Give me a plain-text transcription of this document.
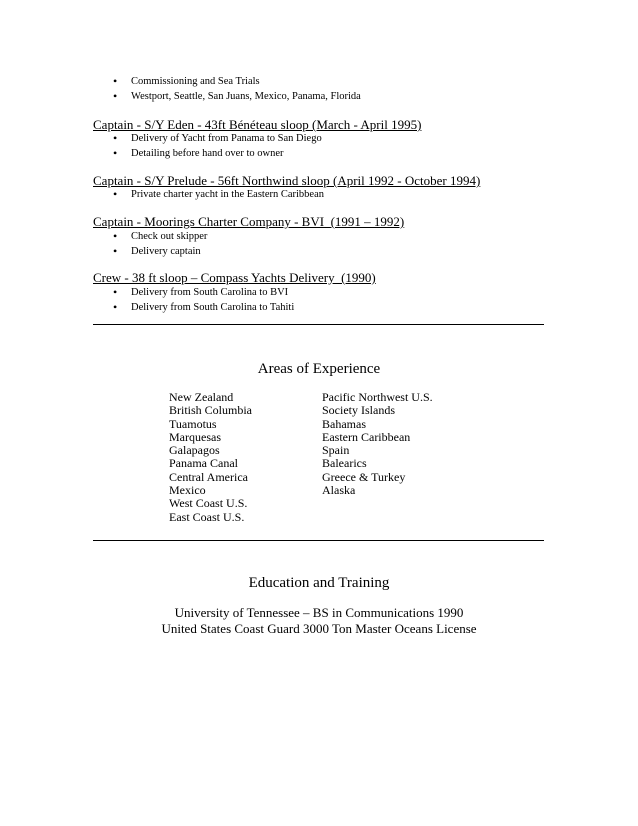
• Commissioning and Sea Trials
• Westport, Seattle, San Juans, Mexico, Panama, Florida
Captain - S/Y Eden - 43ft Bénéteau sloop (March - April 1995)
• Delivery of Yacht from Panama to San Diego
• Detailing before hand over to owner
Captain - S/Y Prelude - 56ft Northwind sloop (April 1992 - October 1994)
• Private charter yacht in the Eastern Caribbean
Captain - Moorings Charter Company - BVI  (1991 – 1992)
• Check out skipper
• Delivery captain
Crew - 38 ft sloop – Compass Yachts Delivery  (1990)
• Delivery from South Carolina to BVI
• Delivery from South Carolina to Tahiti
Areas of Experience
New Zealand
British Columbia
Tuamotus
Marquesas
Galapagos
Panama Canal
Central America
Mexico
West Coast U.S.
East Coast U.S.
Pacific Northwest U.S.
Society Islands
Bahamas
Eastern Caribbean
Spain
Balearics
Greece & Turkey
Alaska
Education and Training
University of Tennessee – BS in Communications 1990
United States Coast Guard 3000 Ton Master Oceans License
